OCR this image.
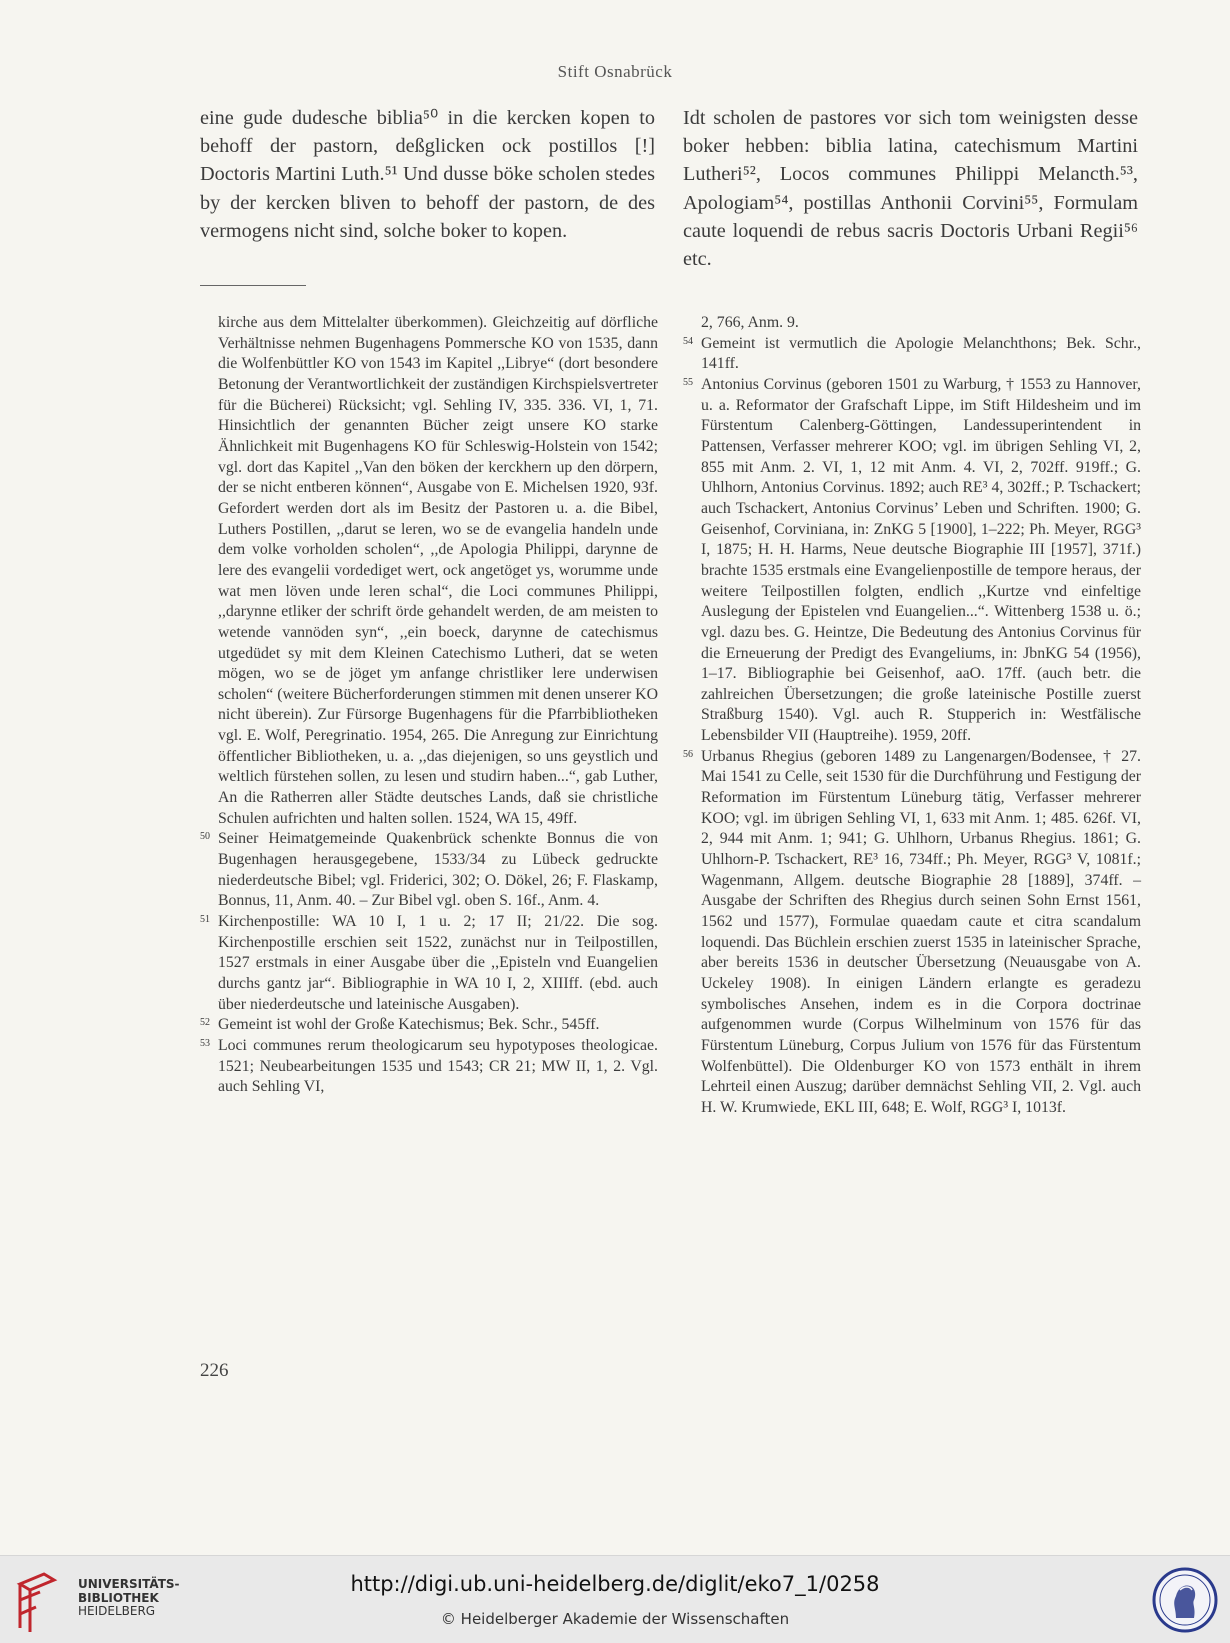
Stift Osnabrück

eine gude dudesche biblia⁵⁰ in die kercken kopen to behoff der pastorn, deßglicken ock postillos [!] Doctoris Martini Luth.⁵¹ Und dusse böke scholen stedes by der kercken bliven to behoff der pastorn, de des vermogens nicht sind, solche boker to kopen.

Idt scholen de pastores vor sich tom weinigsten desse boker hebben: biblia latina, catechismum Martini Lutheri⁵², Locos communes Philippi Melancth.⁵³, Apologiam⁵⁴, postillas Anthonii Corvini⁵⁵, Formulam caute loquendi de rebus sacris Doctoris Urbani Regii⁵⁶ etc.

kirche aus dem Mittelalter überkommen). Gleichzeitig auf dörfliche Verhältnisse nehmen Bugenhagens Pommersche KO von 1535, dann die Wolfenbüttler KO von 1543 im Kapitel ,,Librye“ (dort besondere Betonung der Verantwortlichkeit der zuständigen Kirchspielsvertreter für die Bücherei) Rücksicht; vgl. Sehling IV, 335. 336. VI, 1, 71. Hinsichtlich der genannten Bücher zeigt unsere KO starke Ähnlichkeit mit Bugenhagens KO für Schleswig-Holstein von 1542; vgl. dort das Kapitel ,,Van den böken der kerckhern up den dörpern, der se nicht entberen können“, Ausgabe von E. Michelsen 1920, 93f. Gefordert werden dort als im Besitz der Pastoren u. a. die Bibel, Luthers Postillen, ,,darut se leren, wo se de evangelia handeln unde dem volke vorholden scholen“, ,,de Apologia Philippi, darynne de lere des evangelii vordediget wert, ock angetöget ys, worumme unde wat men löven unde leren schal“, die Loci communes Philippi, ,,darynne etliker der schrift örde gehandelt werden, de am meisten to wetende vannöden syn“, ,,ein boeck, darynne de catechismus utgedüdet sy mit dem Kleinen Catechismo Lutheri, dat se weten mögen, wo se de jöget ym anfange christliker lere underwisen scholen“ (weitere Bücherforderungen stimmen mit denen unserer KO nicht überein). Zur Fürsorge Bugenhagens für die Pfarrbibliotheken vgl. E. Wolf, Peregrinatio. 1954, 265. Die Anregung zur Einrichtung öffentlicher Bibliotheken, u. a. ,,das diejenigen, so uns geystlich und weltlich fürstehen sollen, zu lesen und studirn haben...“, gab Luther, An die Ratherren aller Städte deutsches Lands, daß sie christliche Schulen aufrichten und halten sollen. 1524, WA 15, 49ff.

50 Seiner Heimatgemeinde Quakenbrück schenkte Bonnus die von Bugenhagen herausgegebene, 1533/34 zu Lübeck gedruckte niederdeutsche Bibel; vgl. Friderici, 302; O. Dökel, 26; F. Flaskamp, Bonnus, 11, Anm. 40. – Zur Bibel vgl. oben S. 16f., Anm. 4.

51 Kirchenpostille: WA 10 I, 1 u. 2; 17 II; 21/22. Die sog. Kirchenpostille erschien seit 1522, zunächst nur in Teilpostillen, 1527 erstmals in einer Ausgabe über die ,,Episteln vnd Euangelien durchs gantz jar“. Bibliographie in WA 10 I, 2, XIIIff. (ebd. auch über niederdeutsche und lateinische Ausgaben).

52 Gemeint ist wohl der Große Katechismus; Bek. Schr., 545ff.

53 Loci communes rerum theologicarum seu hypotyposes theologicae. 1521; Neubearbeitungen 1535 und 1543; CR 21; MW II, 1, 2. Vgl. auch Sehling VI,

2, 766, Anm. 9.

54 Gemeint ist vermutlich die Apologie Melanchthons; Bek. Schr., 141ff.

55 Antonius Corvinus (geboren 1501 zu Warburg, † 1553 zu Hannover, u. a. Reformator der Grafschaft Lippe, im Stift Hildesheim und im Fürstentum Calenberg-Göttingen, Landessuperintendent in Pattensen, Verfasser mehrerer KOO; vgl. im übrigen Sehling VI, 2, 855 mit Anm. 2. VI, 1, 12 mit Anm. 4. VI, 2, 702ff. 919ff.; G. Uhlhorn, Antonius Corvinus. 1892; auch RE³ 4, 302ff.; P. Tschackert; auch Tschackert, Antonius Corvinus’ Leben und Schriften. 1900; G. Geisenhof, Corviniana, in: ZnKG 5 [1900], 1–222; Ph. Meyer, RGG³ I, 1875; H. H. Harms, Neue deutsche Biographie III [1957], 371f.) brachte 1535 erstmals eine Evangelienpostille de tempore heraus, der weitere Teilpostillen folgten, endlich ,,Kurtze vnd einfeltige Auslegung der Epistelen vnd Euangelien...“. Wittenberg 1538 u. ö.; vgl. dazu bes. G. Heintze, Die Bedeutung des Antonius Corvinus für die Erneuerung der Predigt des Evangeliums, in: JbnKG 54 (1956), 1–17. Bibliographie bei Geisenhof, aaO. 17ff. (auch betr. die zahlreichen Übersetzungen; die große lateinische Postille zuerst Straßburg 1540). Vgl. auch R. Stupperich in: Westfälische Lebensbilder VII (Hauptreihe). 1959, 20ff.

56 Urbanus Rhegius (geboren 1489 zu Langenargen/Bodensee, † 27. Mai 1541 zu Celle, seit 1530 für die Durchführung und Festigung der Reformation im Fürstentum Lüneburg tätig, Verfasser mehrerer KOO; vgl. im übrigen Sehling VI, 1, 633 mit Anm. 1; 485. 626f. VI, 2, 944 mit Anm. 1; 941; G. Uhlhorn, Urbanus Rhegius. 1861; G. Uhlhorn-P. Tschackert, RE³ 16, 734ff.; Ph. Meyer, RGG³ V, 1081f.; Wagenmann, Allgem. deutsche Biographie 28 [1889], 374ff. – Ausgabe der Schriften des Rhegius durch seinen Sohn Ernst 1561, 1562 und 1577), Formulae quaedam caute et citra scandalum loquendi. Das Büchlein erschien zuerst 1535 in lateinischer Sprache, aber bereits 1536 in deutscher Übersetzung (Neuausgabe von A. Uckeley 1908). In einigen Ländern erlangte es geradezu symbolisches Ansehen, indem es in die Corpora doctrinae aufgenommen wurde (Corpus Wilhelminum von 1576 für das Fürstentum Lüneburg, Corpus Julium von 1576 für das Fürstentum Wolfenbüttel). Die Oldenburger KO von 1573 enthält in ihrem Lehrteil einen Auszug; darüber demnächst Sehling VII, 2. Vgl. auch H. W. Krumwiede, EKL III, 648; E. Wolf, RGG³ I, 1013f.

226
UNIVERSITÄTS-
BIBLIOTHEK
HEIDELBERG
http://digi.ub.uni-heidelberg.de/diglit/eko7_1/0258
© Heidelberger Akademie der Wissenschaften
